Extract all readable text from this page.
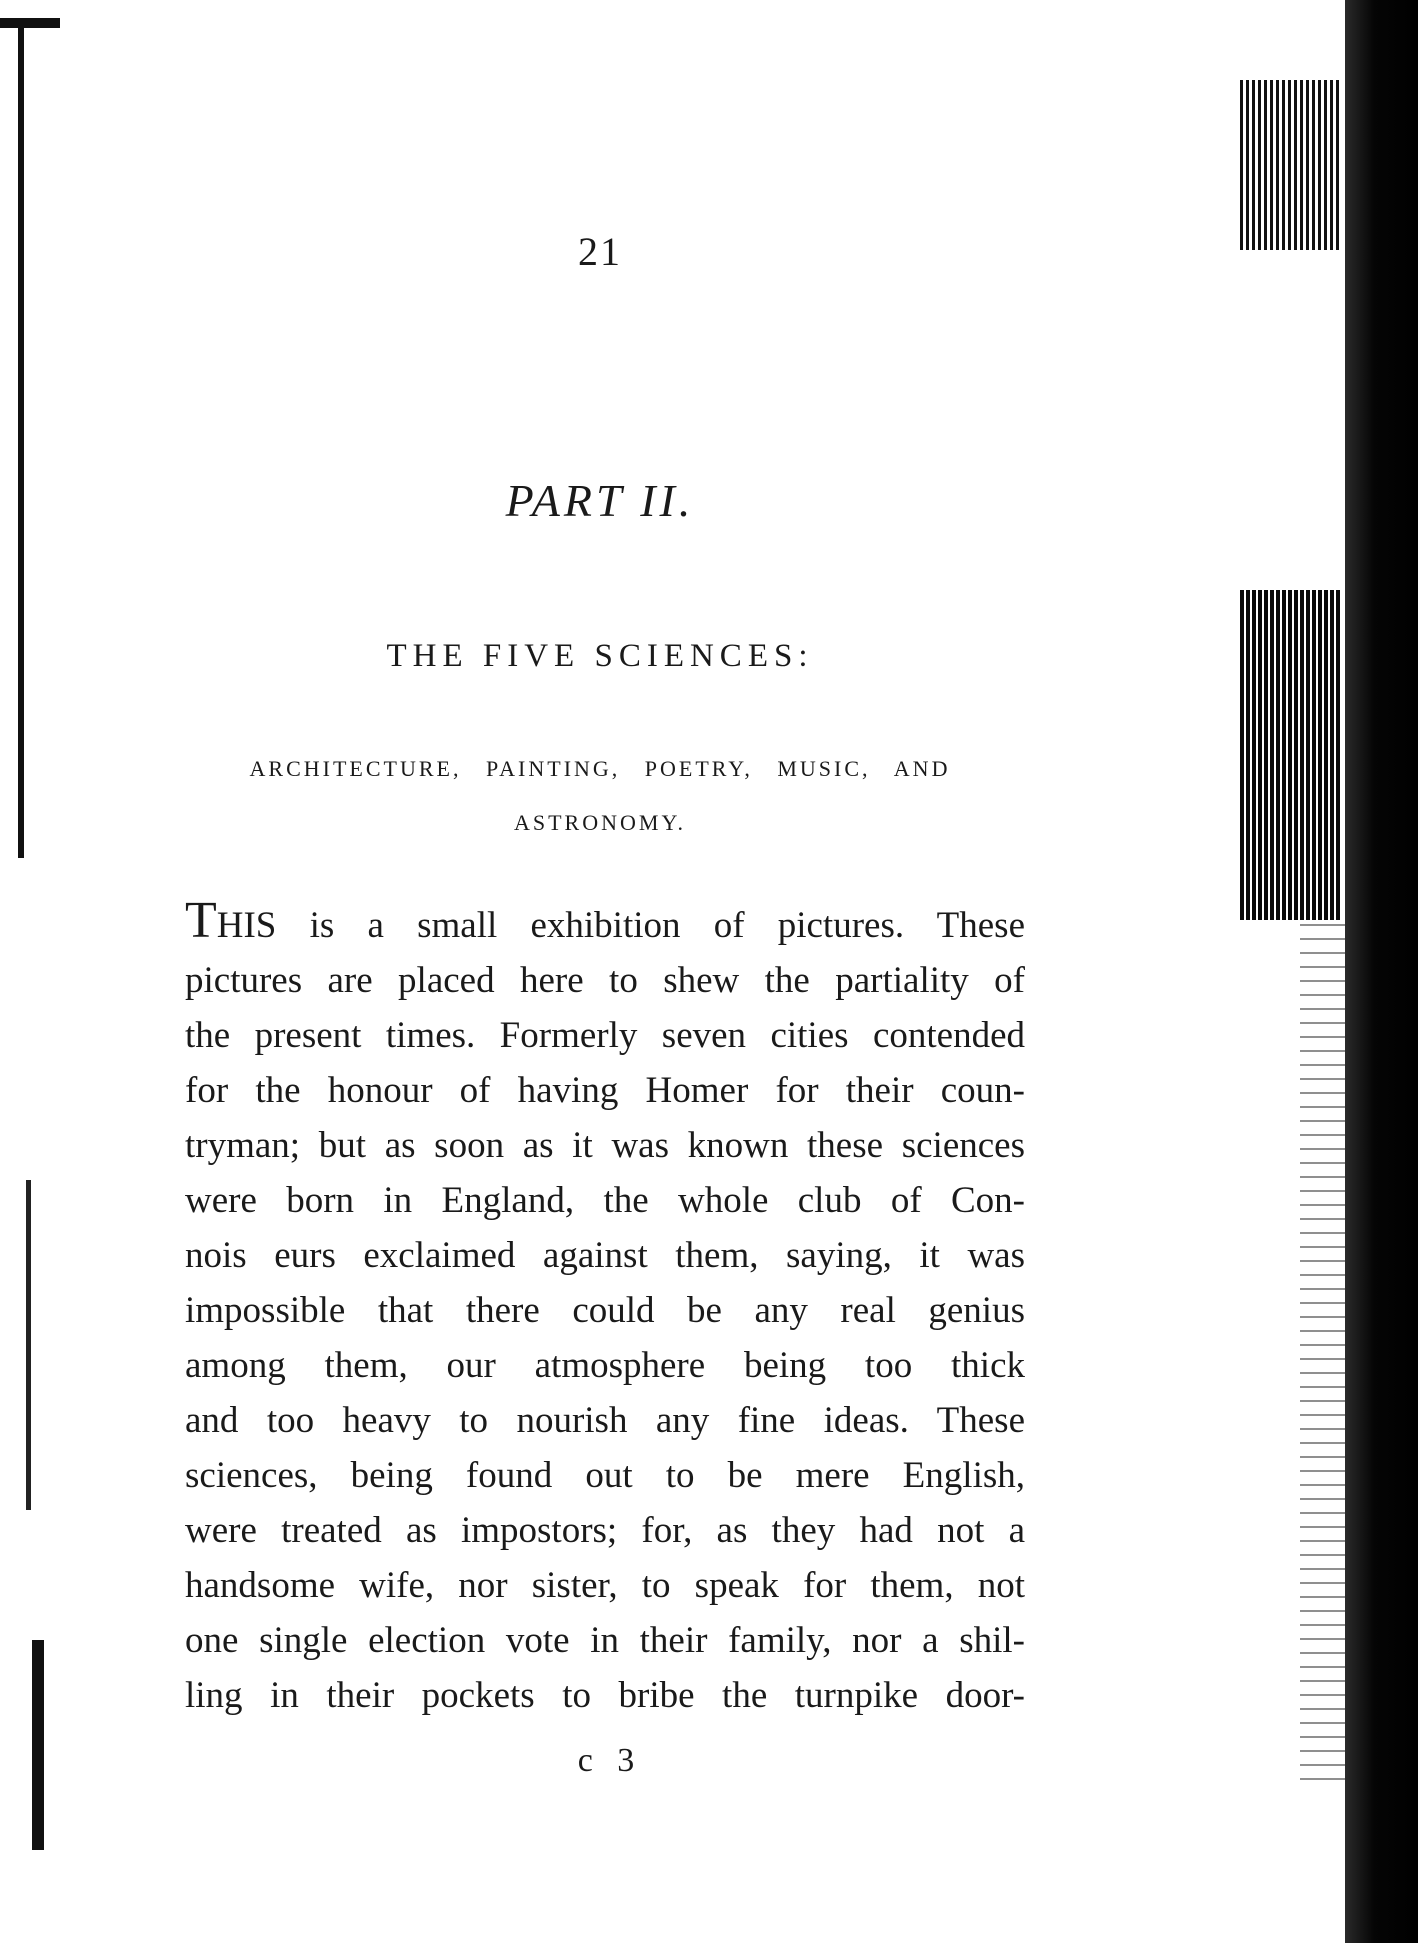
21
PART II.
THE FIVE SCIENCES:
ARCHITECTURE, PAINTING, POETRY, MUSIC, AND
ASTRONOMY.
THIS is a small exhibition of pictures. These
pictures are placed here to shew the partiality of
the present times. Formerly seven cities contended
for the honour of having Homer for their coun-
tryman; but as soon as it was known these sciences
were born in England, the whole club of Con-
nois eurs exclaimed against them, saying, it was
impossible that there could be any real genius
among them, our atmosphere being too thick
and too heavy to nourish any fine ideas. These
sciences, being found out to be mere English,
were treated as impostors; for, as they had not a
handsome wife, nor sister, to speak for them, not
one single election vote in their family, nor a shil-
ling in their pockets to bribe the turnpike door-
c 3
